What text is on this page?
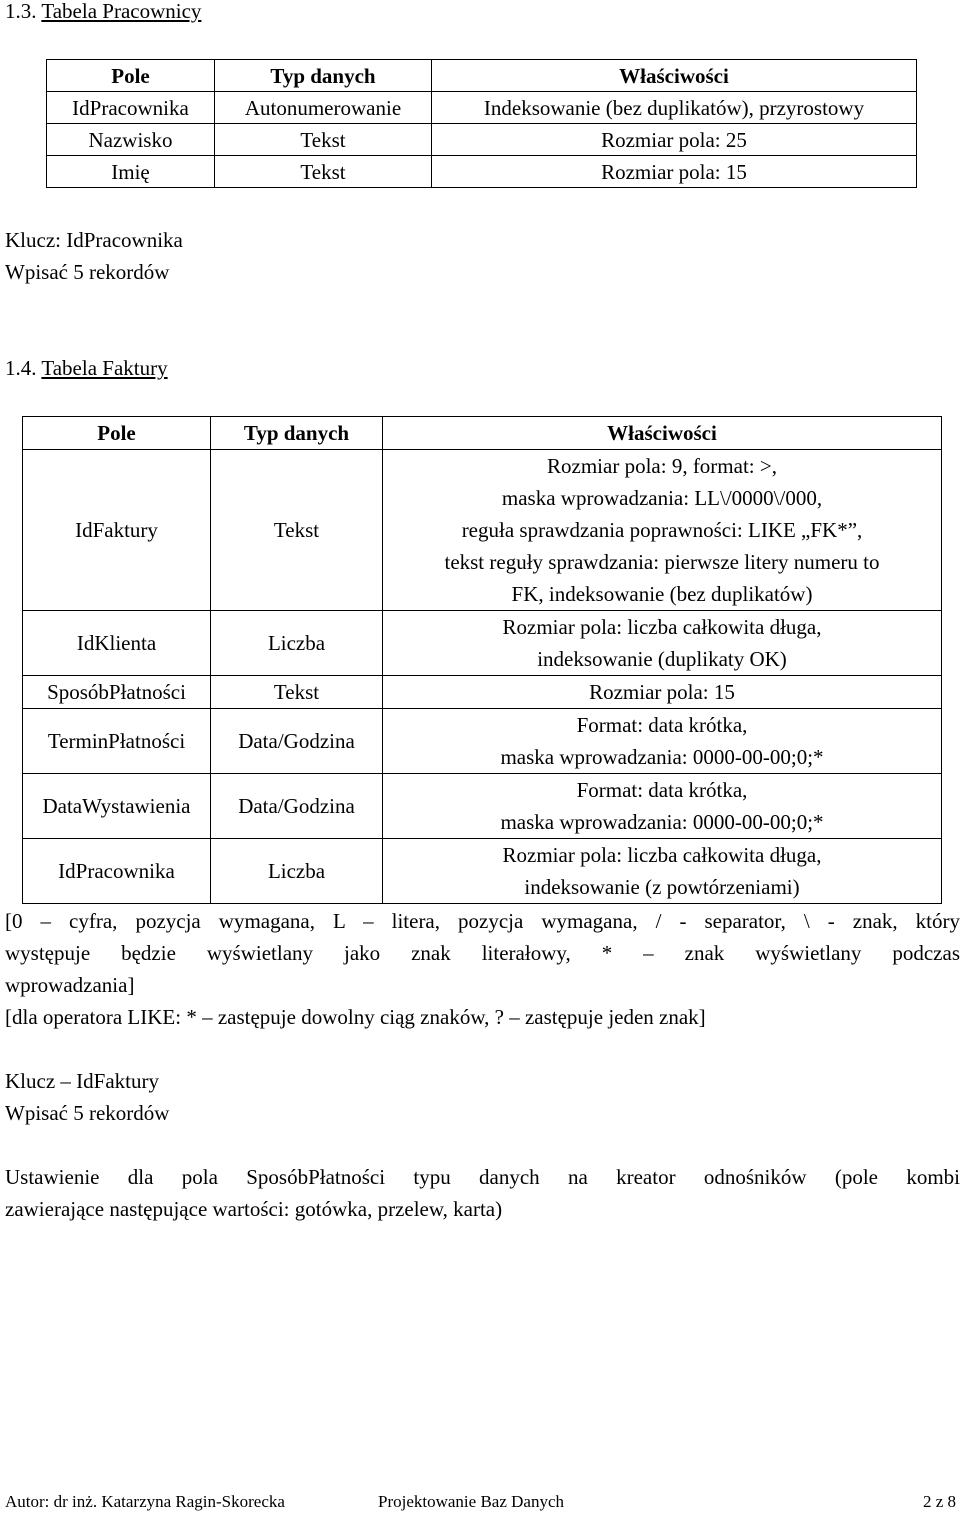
1.3. Tabela Pracownicy
Pole	Typ danych	Właściwości
IdPracownika	Autonumerowanie	Indeksowanie (bez duplikatów), przyrostowy
Nazwisko	Tekst	Rozmiar pola: 25
Imię	Tekst	Rozmiar pola: 15
Klucz: IdPracownika
Wpisać 5 rekordów
1.4. Tabela Faktury
Pole	Typ danych	Właściwości
IdFaktury	Tekst	Rozmiar pola: 9, format: >,
maska wprowadzania: LL\/0000\/000,
reguła sprawdzania poprawności: LIKE „FK*”,
tekst reguły sprawdzania: pierwsze litery numeru to
FK, indeksowanie (bez duplikatów)

IdKlienta	Liczba	Rozmiar pola: liczba całkowita długa,
indeksowanie (duplikaty OK)

SposóbPłatności	Tekst	Rozmiar pola: 15

TerminPłatności	Data/Godzina	Format: data krótka,
maska wprowadzania: 0000-00-00;0;*

DataWystawienia	Data/Godzina	Format: data krótka,
maska wprowadzania: 0000-00-00;0;*

IdPracownika	Liczba	Rozmiar pola: liczba całkowita długa,
indeksowanie (z powtórzeniami)
[0 – cyfra, pozycja wymagana, L – litera, pozycja wymagana, / - separator, \ - znak, który
występuje będzie wyświetlany jako znak literałowy, * – znak wyświetlany podczas
wprowadzania]
[dla operatora LIKE: * – zastępuje dowolny ciąg znaków, ? – zastępuje jeden znak]
Klucz – IdFaktury
Wpisać 5 rekordów
Ustawienie dla pola SposóbPłatności typu danych na kreator odnośników (pole kombi
zawierające następujące wartości: gotówka, przelew, karta)
Autor: dr inż. Katarzyna Ragin-Skorecka	Projektowanie Baz Danych	2 z 8
